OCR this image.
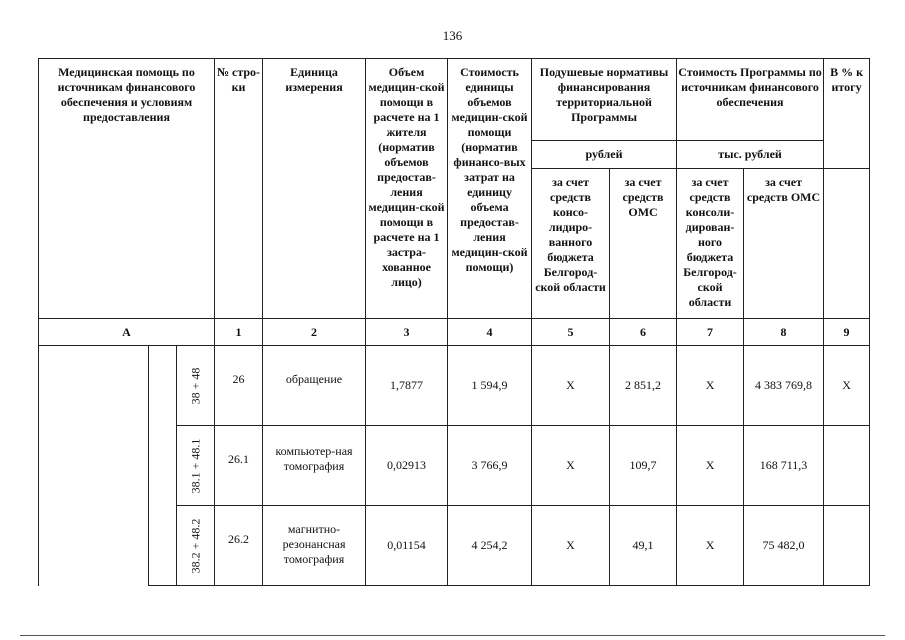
136
Медицинская помощь по источникам финансового обеспечения и условиям предоставления			№ стро-ки	Единица измерения	Объем медицин-ской помощи в расчете на 1 жителя (норматив объемов предостав-ления медицин-ской помощи в расчете на 1 застра-хованное лицо)	Стоимость единицы объемов медицин-ской помощи (норматив финансо-вых затрат на единицу объема предостав-ления медицин-ской помощи)	Подушевые нормативы финансирования территориальной Программы		Стоимость Программы по источникам финансового обеспечения		В % к итогу
							рублей		тыс. рублей		
							за счет средств консо-лидиро-ванного бюджета Белгород-ской области	за счет средств ОМС	за счет средств консоли-дирован-ного бюджета Белгород-ской области	за счет средств ОМС	
А			1	2	3	4	5	6	7	8	9

		38 + 48	26	обращение	1,7877	1 594,9	Х	2 851,2	Х	4 383 769,8	Х

		38.1 + 48.1	26.1	компьютер-ная томография	0,02913	3 766,9	Х	109,7	Х	168 711,3	

		38.2 + 48.2	26.2	магнитно-резонансная томография	0,01154	4 254,2	Х	49,1	Х	75 482,0	
